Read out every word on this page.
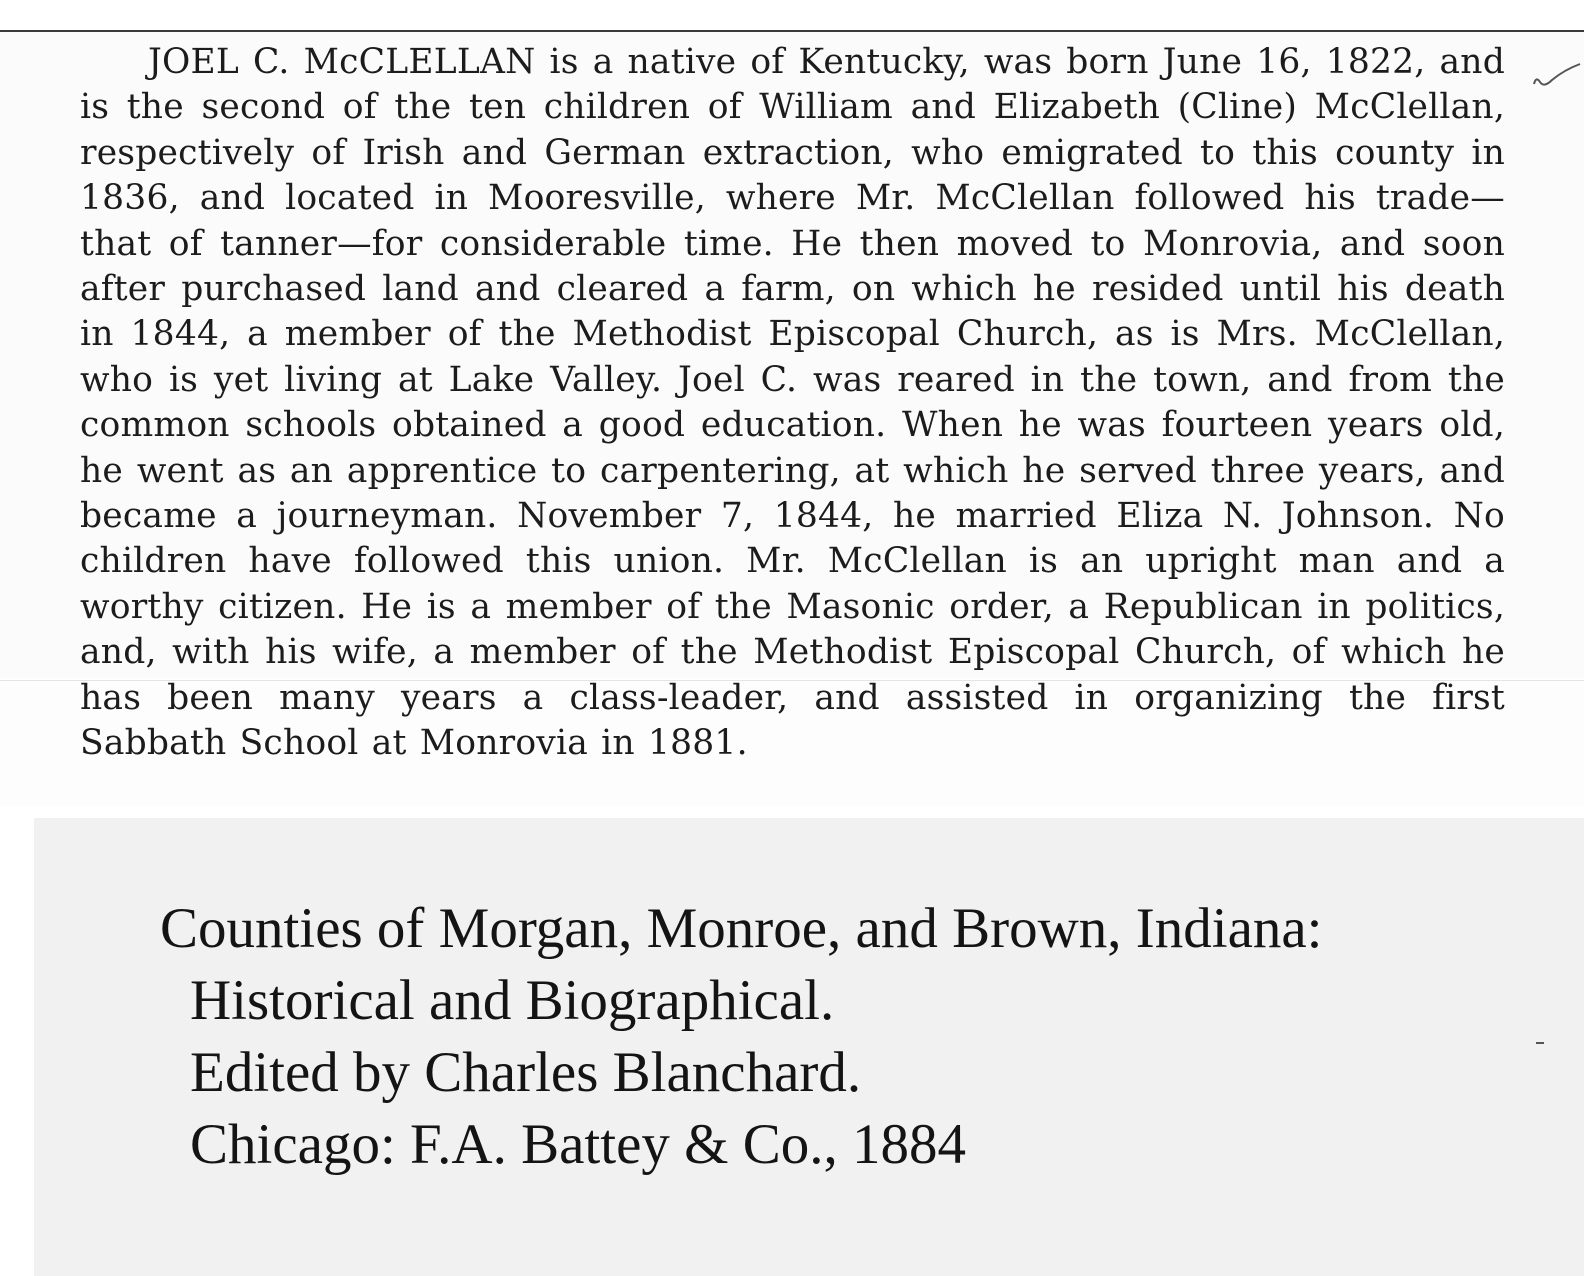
JOEL C. McCLELLAN is a native of Kentucky, was born June 16, 1822, and is the second of the ten children of William and Elizabeth (Cline) McClellan, respectively of Irish and German extraction, who emigrated to this county in 1836, and located in Mooresville, where Mr. McClellan followed his trade—that of tanner—for considerable time. He then moved to Monrovia, and soon after purchased land and cleared a farm, on which he resided until his death in 1844, a member of the Methodist Episcopal Church, as is Mrs. McClellan, who is yet living at Lake Valley. Joel C. was reared in the town, and from the common schools obtained a good education. When he was fourteen years old, he went as an apprentice to carpentering, at which he served three years, and became a journeyman. November 7, 1844, he married Eliza N. Johnson. No children have followed this union. Mr. McClellan is an upright man and a worthy citizen. He is a member of the Masonic order, a Republican in politics, and, with his wife, a member of the Methodist Episcopal Church, of which he has been many years a class-leader, and assisted in organizing the first Sabbath School at Monrovia in 1881.

Counties of Morgan, Monroe, and Brown, Indiana:
Historical and Biographical.
Edited by Charles Blanchard.
Chicago: F.A. Battey & Co., 1884
